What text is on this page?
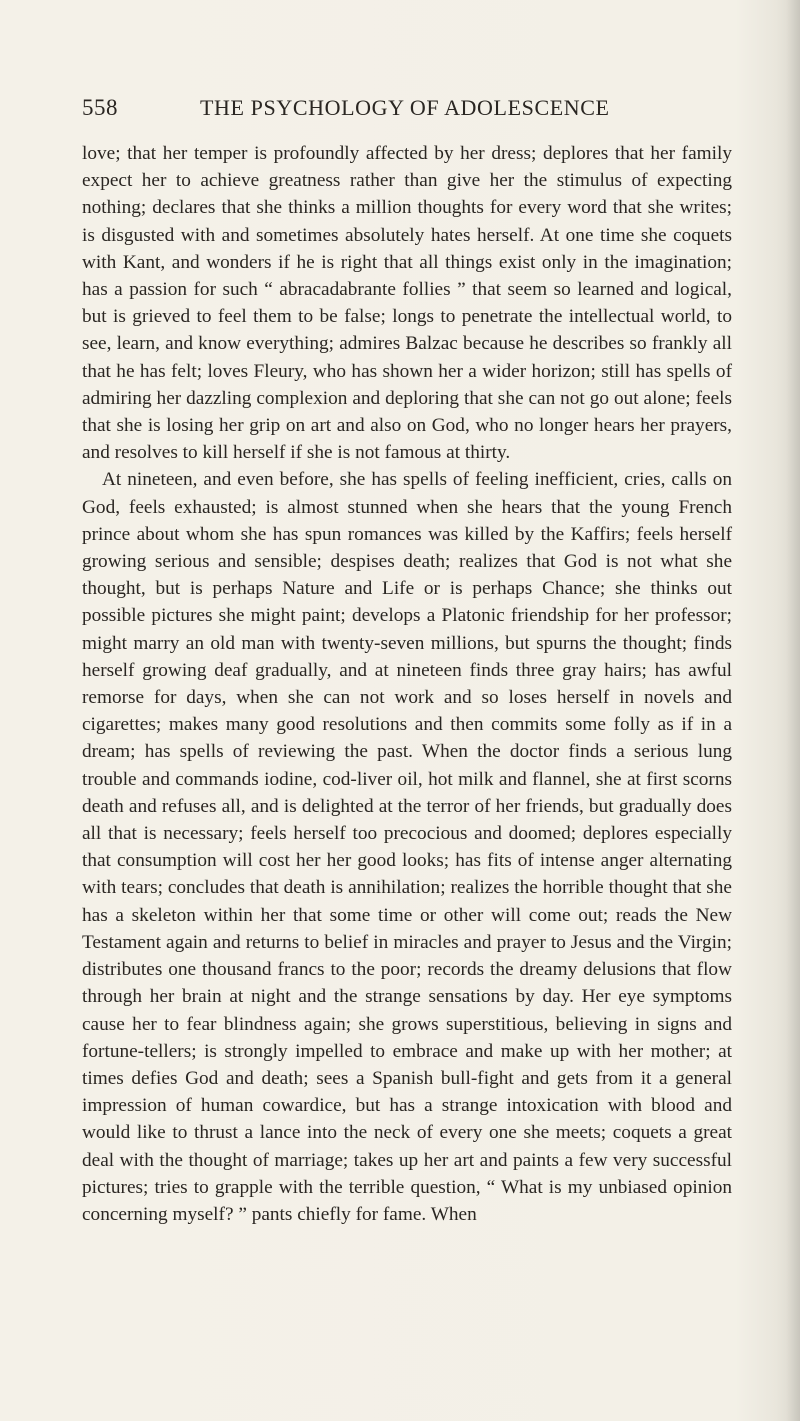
558	THE PSYCHOLOGY OF ADOLESCENCE

love; that her temper is profoundly affected by her dress; deplores that her family expect her to achieve greatness rather than give her the stimulus of expecting nothing; declares that she thinks a million thoughts for every word that she writes; is disgusted with and sometimes absolutely hates herself. At one time she coquets with Kant, and wonders if he is right that all things exist only in the imagination; has a passion for such “ abracadabrante follies ” that seem so learned and logical, but is grieved to feel them to be false; longs to penetrate the intellectual world, to see, learn, and know everything; admires Balzac because he describes so frankly all that he has felt; loves Fleury, who has shown her a wider horizon; still has spells of admiring her dazzling complexion and deploring that she can not go out alone; feels that she is losing her grip on art and also on God, who no longer hears her prayers, and resolves to kill herself if she is not famous at thirty.

At nineteen, and even before, she has spells of feeling inefficient, cries, calls on God, feels exhausted; is almost stunned when she hears that the young French prince about whom she has spun romances was killed by the Kaffirs; feels herself growing serious and sensible; despises death; realizes that God is not what she thought, but is perhaps Nature and Life or is perhaps Chance; she thinks out possible pictures she might paint; develops a Platonic friendship for her professor; might marry an old man with twenty-seven millions, but spurns the thought; finds herself growing deaf gradually, and at nineteen finds three gray hairs; has awful remorse for days, when she can not work and so loses herself in novels and cigarettes; makes many good resolutions and then commits some folly as if in a dream; has spells of reviewing the past. When the doctor finds a serious lung trouble and commands iodine, cod-liver oil, hot milk and flannel, she at first scorns death and refuses all, and is delighted at the terror of her friends, but gradually does all that is necessary; feels herself too precocious and doomed; deplores especially that consumption will cost her her good looks; has fits of intense anger alternating with tears; concludes that death is annihilation; realizes the horrible thought that she has a skeleton within her that some time or other will come out; reads the New Testament again and returns to belief in miracles and prayer to Jesus and the Virgin; distributes one thousand francs to the poor; records the dreamy delusions that flow through her brain at night and the strange sensations by day. Her eye symptoms cause her to fear blindness again; she grows superstitious, believing in signs and fortune-tellers; is strongly impelled to embrace and make up with her mother; at times defies God and death; sees a Spanish bull-fight and gets from it a general impression of human cowardice, but has a strange intoxication with blood and would like to thrust a lance into the neck of every one she meets; coquets a great deal with the thought of marriage; takes up her art and paints a few very successful pictures; tries to grapple with the terrible question, “ What is my unbiased opinion concerning myself? ” pants chiefly for fame. When
